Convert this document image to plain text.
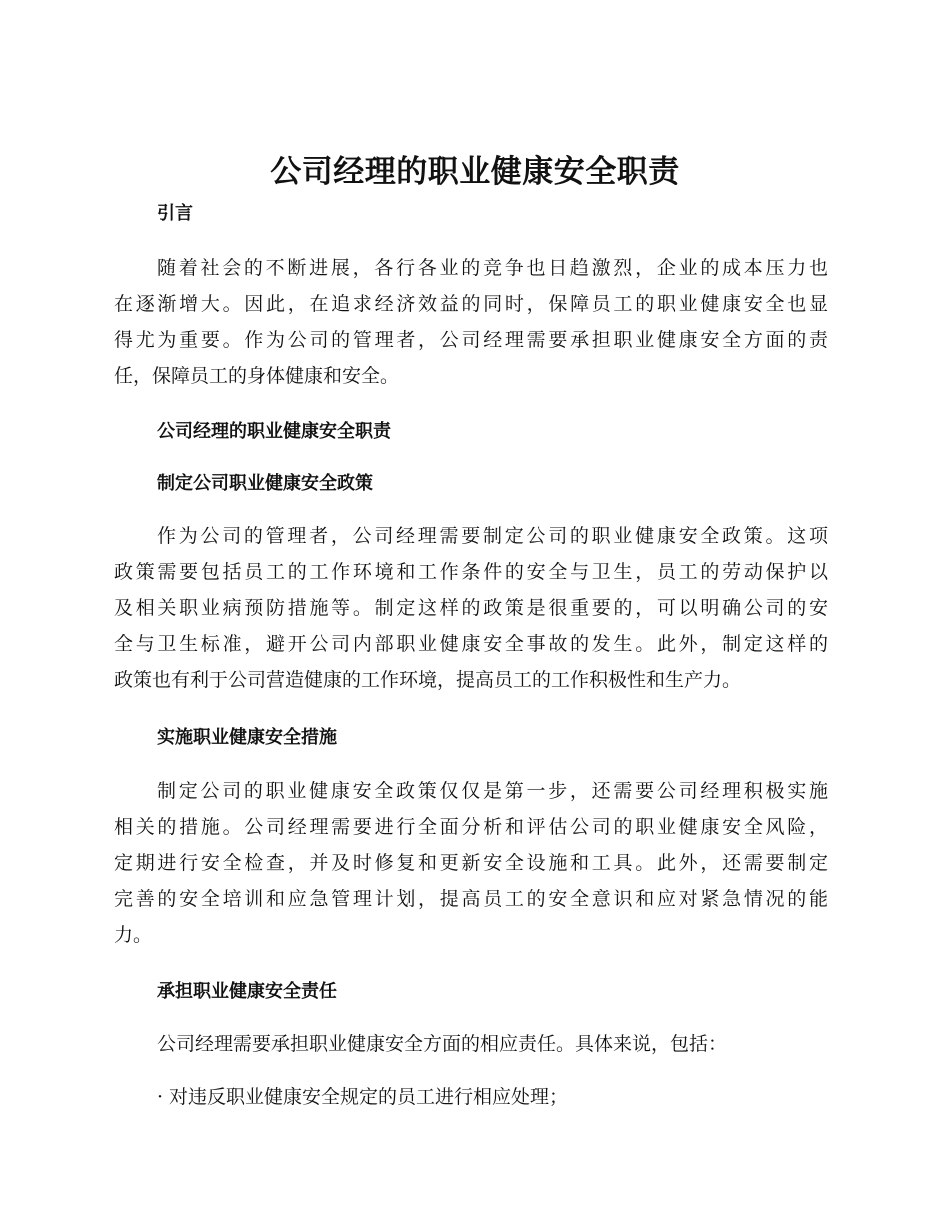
公司经理的职业健康安全职责
引言
随着社会的不断进展，各行各业的竞争也日趋激烈，企业的成本压力也
在逐渐增大。因此，在追求经济效益的同时，保障员工的职业健康安全也显
得尤为重要。作为公司的管理者，公司经理需要承担职业健康安全方面的责
任，保障员工的身体健康和安全。
公司经理的职业健康安全职责
制定公司职业健康安全政策
作为公司的管理者，公司经理需要制定公司的职业健康安全政策。这项
政策需要包括员工的工作环境和工作条件的安全与卫生，员工的劳动保护以
及相关职业病预防措施等。制定这样的政策是很重要的，可以明确公司的安
全与卫生标准，避开公司内部职业健康安全事故的发生。此外，制定这样的
政策也有利于公司营造健康的工作环境，提高员工的工作积极性和生产力。
实施职业健康安全措施
制定公司的职业健康安全政策仅仅是第一步，还需要公司经理积极实施
相关的措施。公司经理需要进行全面分析和评估公司的职业健康安全风险，
定期进行安全检查，并及时修复和更新安全设施和工具。此外，还需要制定
完善的安全培训和应急管理计划，提高员工的安全意识和应对紧急情况的能
力。
承担职业健康安全责任
公司经理需要承担职业健康安全方面的相应责任。具体来说，包括：

· 对违反职业健康安全规定的员工进行相应处理；
